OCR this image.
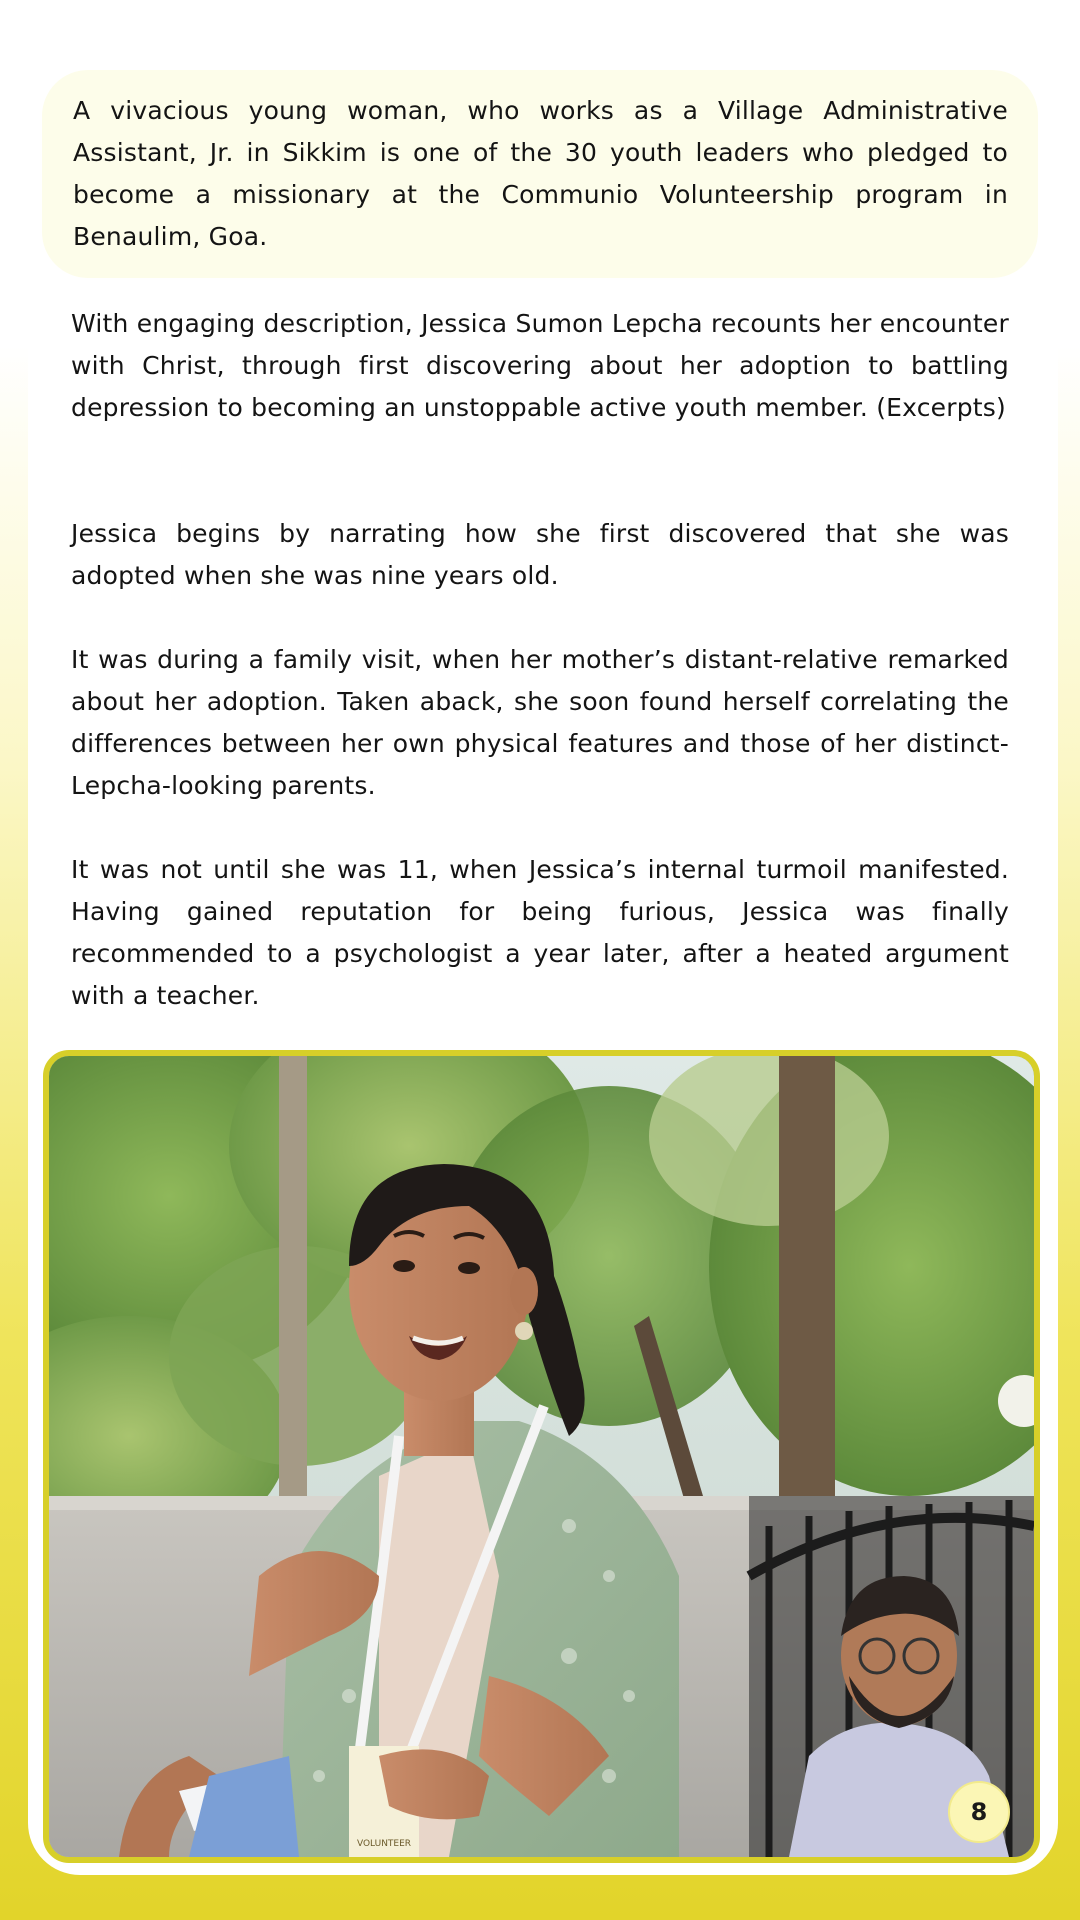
A vivacious young woman, who works as a Village Administrative Assistant, Jr. in Sikkim is one of the 30 youth leaders who pledged to become a missionary at the Communio Volunteership program in Benaulim, Goa.

With engaging description, Jessica Sumon Lepcha recounts her encounter with Christ, through first discovering about her adoption to battling depression to becoming an unstoppable active youth member. (Excerpts)

Jessica begins by narrating how she first discovered that she was adopted when she was nine years old.

It was during a family visit, when her mother’s distant-relative remarked about her adoption. Taken aback, she soon found herself correlating the differences between her own physical features and those of her distinct-Lepcha-looking parents.

It was not until she was 11, when Jessica’s internal turmoil manifested. Having gained reputation for being furious, Jessica was finally recommended to a psychologist a year later, after a heated argument with a teacher.

VOLUNTEER
8
